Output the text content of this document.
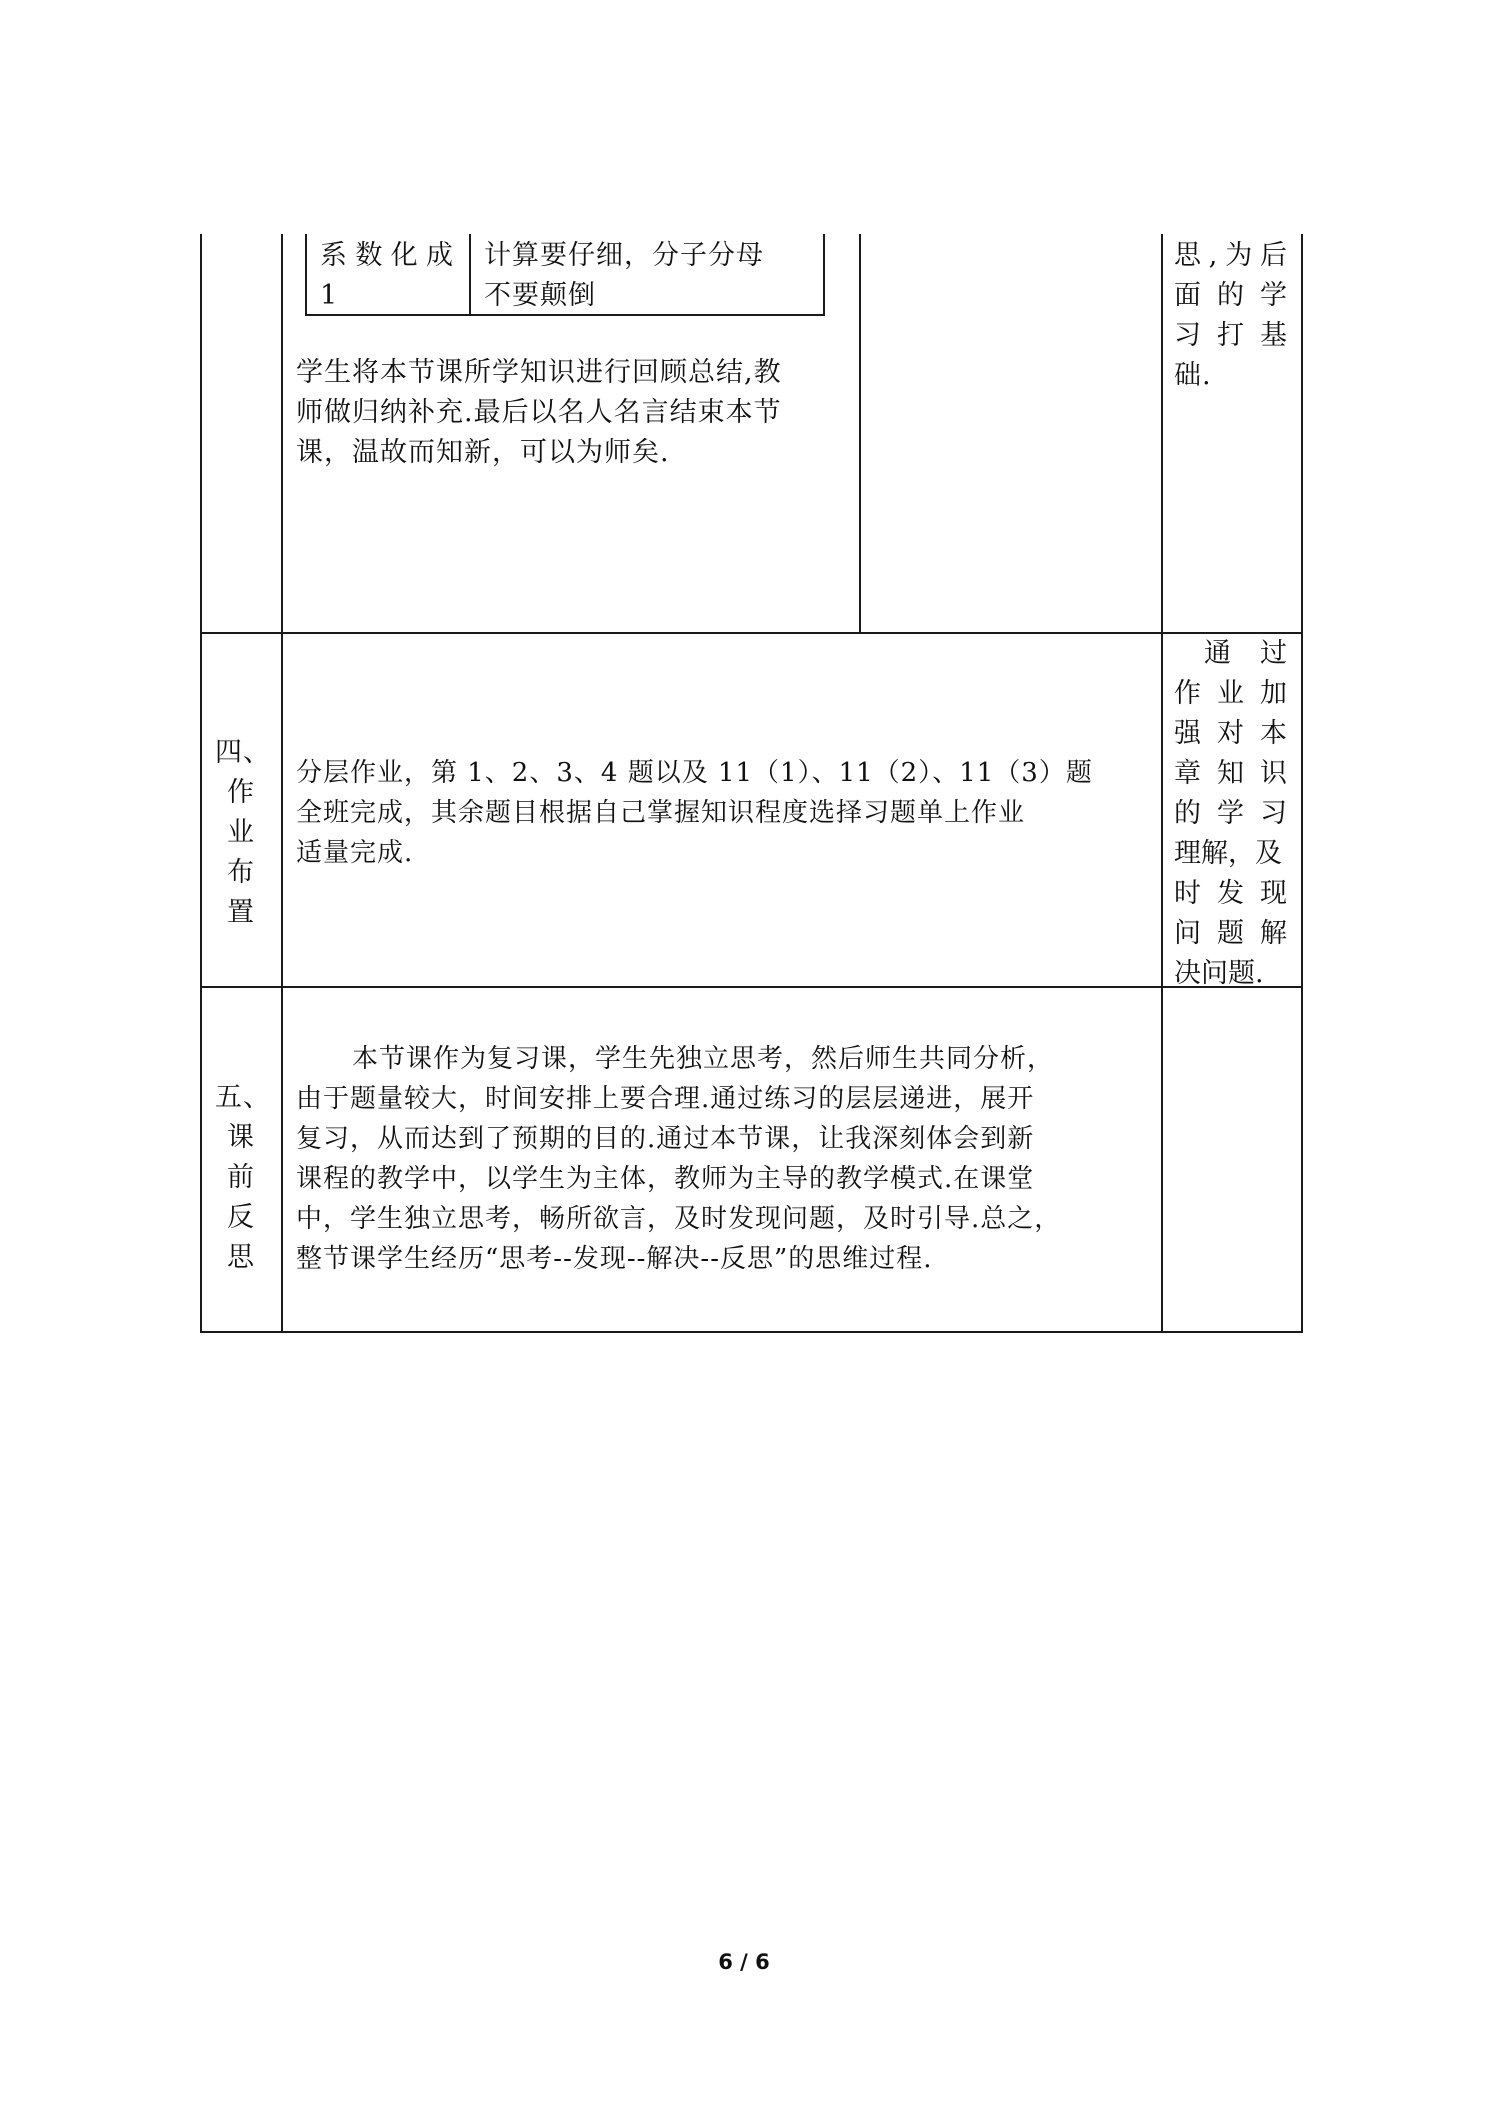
系 数 化 成
1
计算要仔细，分子分母
不要颠倒
学生将本节课所学知识进行回顾总结,教
师做归纳补充.最后以名人名言结束本节
课，温故而知新，可以为师矣.
思 , 为 后
面 的 学
习 打 基
础.
四、
作
业
布
置
分层作业，第 1、2、3、4 题以及 11（1）、11（2）、11（3）题
全班完成，其余题目根据自己掌握知识程度选择习题单上作业
适量完成.
通 过
作 业 加
强 对 本
章 知 识
的 学 习
理解，及
时 发 现
问 题 解
决问题.
五、
课
前
反
思
本节课作为复习课，学生先独立思考，然后师生共同分析，
由于题量较大，时间安排上要合理.通过练习的层层递进，展开
复习，从而达到了预期的目的.通过本节课，让我深刻体会到新
课程的教学中，以学生为主体，教师为主导的教学模式.在课堂
中，学生独立思考，畅所欲言，及时发现问题，及时引导.总之，
整节课学生经历“思考--发现--解决--反思”的思维过程.
6 / 6
